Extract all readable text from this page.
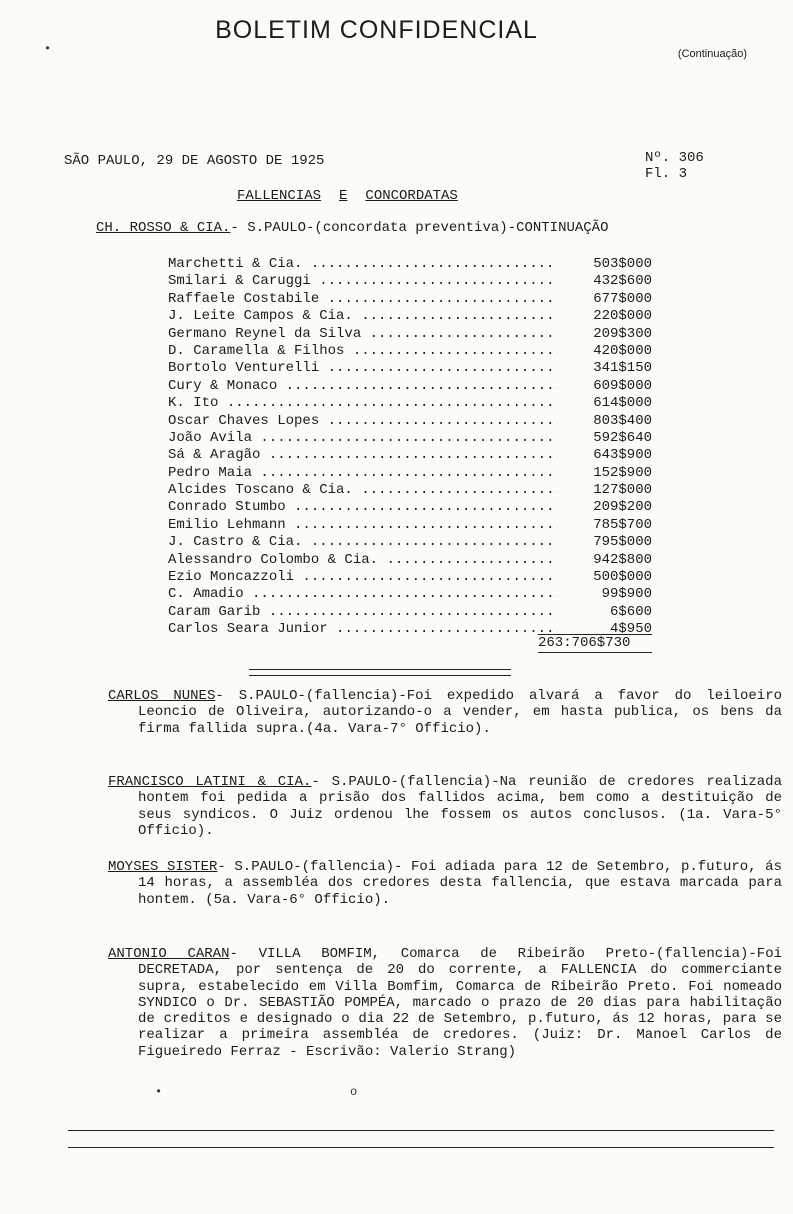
BOLETIM CONFIDENCIAL
(Continuação)
SÃO PAULO, 29 DE AGOSTO DE 1925	Nº. 306
Fl. 3
FALLENCIAS E CONCORDATAS
CH. ROSSO & CIA.- S.PAULO-(concordata preventiva)-CONTINUAÇÃO
Marchetti & Cia. .....	503$000
Smilari & Caruggi .....	432$600
Raffaele Costabile .....	677$000
J. Leite Campos & Cia. .....	220$000
Germano Reynel da Silva .....	209$300
D. Caramella & Filhos .....	420$000
Bortolo Venturelli .....	341$150
Cury & Monaco .....	609$000
K. Ito .....	614$000
Oscar Chaves Lopes .....	803$400
João Avila .....	592$640
Sá & Aragão .....	643$900
Pedro Maia .....	152$900
Alcides Toscano & Cia. .....	127$000
Conrado Stumbo .....	209$200
Emilio Lehmann .....	785$700
J. Castro & Cia. .....	795$000
Alessandro Colombo & Cia. .....	942$800
Ezio Moncazzoli .....	500$000
C. Amadio .....	99$900
Caram Garib .....	6$600
Carlos Seara Junior .....	4$950
263:706$730
CARLOS NUNES- S.PAULO-(fallencia)-Foi expedido alvará a favor do leiloeiro Leoncio de Oliveira, autorizando-o a vender, em hasta publica, os bens da firma fallida supra.(4a. Vara-7° Officio).
FRANCISCO LATINI & CIA.- S.PAULO-(fallencia)-Na reunião de credores realizada hontem foi pedida a prisão dos fallidos acima, bem como a destituição de seus syndicos. O Juiz ordenou lhe fossem os autos conclusos. (1a. Vara-5° Officio).
MOYSES SISTER- S.PAULO-(fallencia)- Foi adiada para 12 de Setembro, p.futuro, ás 14 horas, a assembléa dos credores desta fallencia, que estava marcada para hontem. (5a. Vara-6° Officio).
ANTONIO CARAN- VILLA BOMFIM, Comarca de Ribeirão Preto-(fallencia)-Foi DECRETADA, por sentença de 20 do corrente, a FALLENCIA do commerciante supra, estabelecido em Villa Bomfim, Comarca de Ribeirão Preto. Foi nomeado SYNDICO o Dr. SEBASTIÃO POMPÉA, marcado o prazo de 20 dias para habilitação de creditos e designado o dia 22 de Setembro, p.futuro, ás 12 horas, para se realizar a primeira assembléa de credores. (Juiz: Dr. Manoel Carlos de Figueiredo Ferraz - Escrivão: Valerio Strang)
•
•	o
